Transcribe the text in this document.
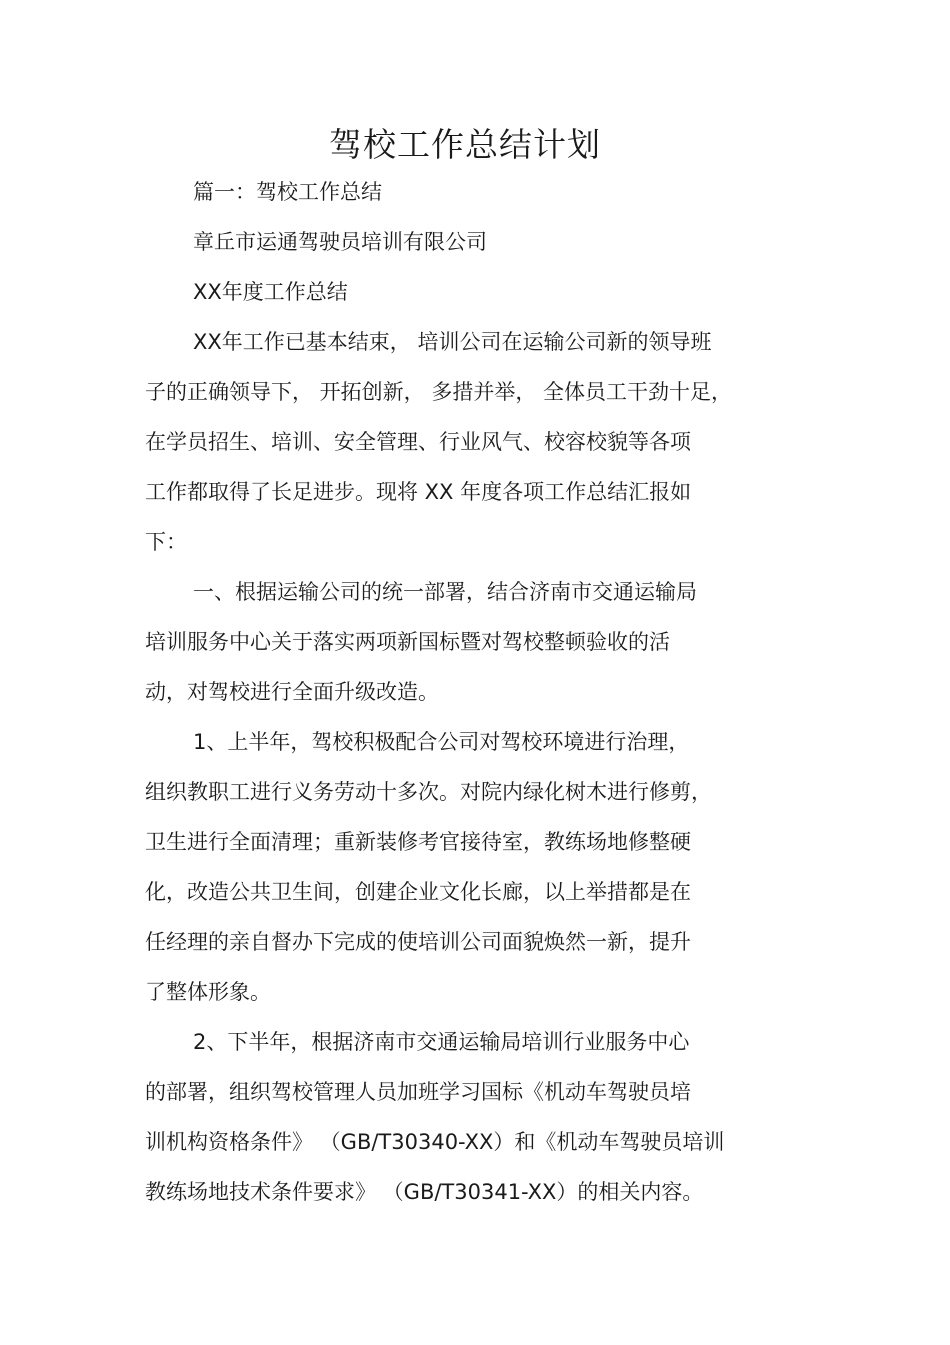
驾校工作总结计划

篇一：驾校工作总结

章丘市运通驾驶员培训有限公司

XX年度工作总结

XX年工作已基本结束， 培训公司在运输公司新的领导班

子的正确领导下， 开拓创新， 多措并举， 全体员工干劲十足，

在学员招生、培训、安全管理、行业风气、校容校貌等各项

工作都取得了长足进步。现将 XX 年度各项工作总结汇报如

下：

一、根据运输公司的统一部署，结合济南市交通运输局

培训服务中心关于落实两项新国标暨对驾校整顿验收的活

动，对驾校进行全面升级改造。

1、上半年，驾校积极配合公司对驾校环境进行治理，

组织教职工进行义务劳动十多次。对院内绿化树木进行修剪，

卫生进行全面清理；重新装修考官接待室，教练场地修整硬

化，改造公共卫生间，创建企业文化长廊，以上举措都是在

任经理的亲自督办下完成的使培训公司面貌焕然一新，提升

了整体形象。

2、下半年，根据济南市交通运输局培训行业服务中心

的部署，组织驾校管理人员加班学习国标《机动车驾驶员培

训机构资格条件》 （GB/T30340-XX）和《机动车驾驶员培训

教练场地技术条件要求》 （GB/T30341-XX）的相关内容。
